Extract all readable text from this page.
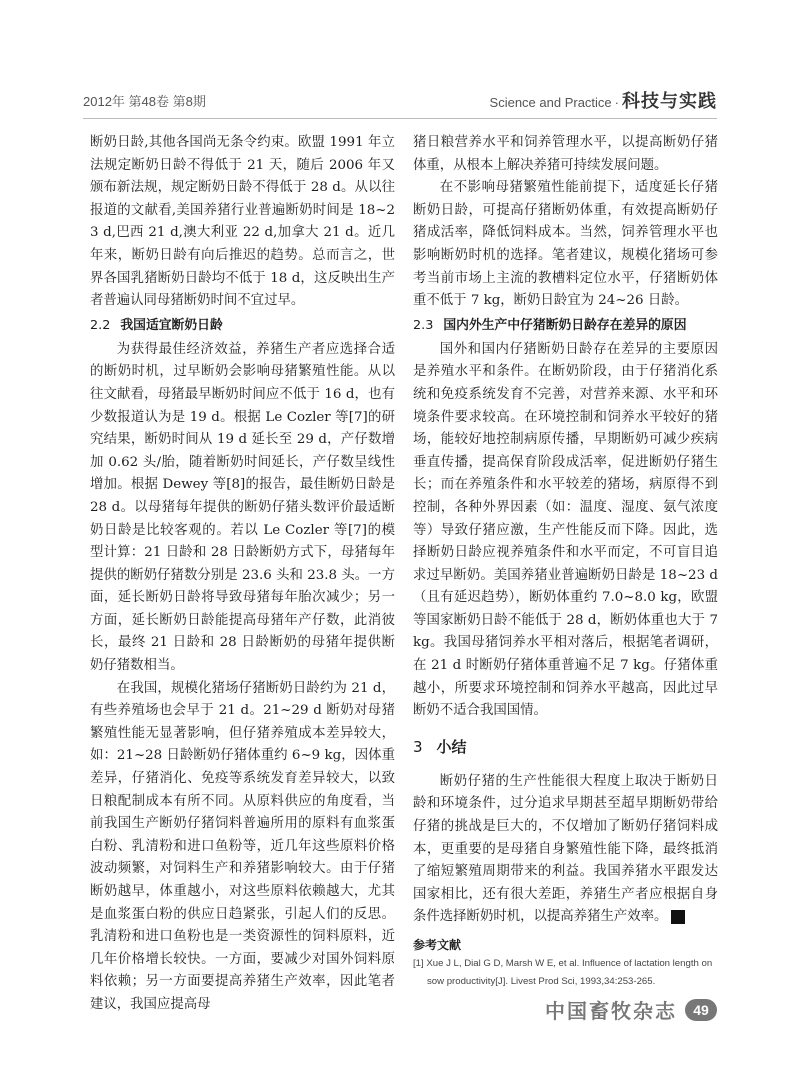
2012年 第48卷 第8期	Science and Practice · 科技与实践

断奶日龄,其他各国尚无条令约束。欧盟 1991 年立法规定断奶日龄不得低于 21 天，随后 2006 年又颁布新法规，规定断奶日龄不得低于 28 d。从以往报道的文献看,美国养猪行业普遍断奶时间是 18~23 d,巴西 21 d,澳大利亚 22 d,加拿大 21 d。近几年来，断奶日龄有向后推迟的趋势。总而言之，世界各国乳猪断奶日龄均不低于 18 d，这反映出生产者普遍认同母猪断奶时间不宜过早。

2.2 我国适宜断奶日龄

为获得最佳经济效益，养猪生产者应选择合适的断奶时机，过早断奶会影响母猪繁殖性能。从以往文献看，母猪最早断奶时间应不低于 16 d，也有少数报道认为是 19 d。根据 Le Cozler 等[7]的研究结果，断奶时间从 19 d 延长至 29 d，产仔数增加 0.62 头/胎，随着断奶时间延长，产仔数呈线性增加。根据 Dewey 等[8]的报告，最佳断奶日龄是 28 d。以母猪每年提供的断奶仔猪头数评价最适断奶日龄是比较客观的。若以 Le Cozler 等[7]的模型计算：21 日龄和 28 日龄断奶方式下，母猪每年提供的断奶仔猪数分别是 23.6 头和 23.8 头。一方面，延长断奶日龄将导致母猪每年胎次减少；另一方面，延长断奶日龄能提高母猪年产仔数，此消彼长，最终 21 日龄和 28 日龄断奶的母猪年提供断奶仔猪数相当。

在我国，规模化猪场仔猪断奶日龄约为 21 d，有些养殖场也会早于 21 d。21~29 d 断奶对母猪繁殖性能无显著影响，但仔猪养殖成本差异较大，如：21~28 日龄断奶仔猪体重约 6~9 kg，因体重差异，仔猪消化、免疫等系统发育差异较大，以致日粮配制成本有所不同。从原料供应的角度看，当前我国生产断奶仔猪饲料普遍所用的原料有血浆蛋白粉、乳清粉和进口鱼粉等，近几年这些原料价格波动频繁，对饲料生产和养猪影响较大。由于仔猪断奶越早，体重越小，对这些原料依赖越大，尤其是血浆蛋白粉的供应日趋紧张，引起人们的反思。乳清粉和进口鱼粉也是一类资源性的饲料原料，近几年价格增长较快。一方面，要减少对国外饲料原料依赖；另一方面要提高养猪生产效率，因此笔者建议，我国应提高母

猪日粮营养水平和饲养管理水平，以提高断奶仔猪体重，从根本上解决养猪可持续发展问题。

在不影响母猪繁殖性能前提下，适度延长仔猪断奶日龄，可提高仔猪断奶体重，有效提高断奶仔猪成活率，降低饲料成本。当然，饲养管理水平也影响断奶时机的选择。笔者建议，规模化猪场可参考当前市场上主流的教槽料定位水平，仔猪断奶体重不低于 7 kg，断奶日龄宜为 24~26 日龄。

2.3 国内外生产中仔猪断奶日龄存在差异的原因

国外和国内仔猪断奶日龄存在差异的主要原因是养殖水平和条件。在断奶阶段，由于仔猪消化系统和免疫系统发育不完善，对营养来源、水平和环境条件要求较高。在环境控制和饲养水平较好的猪场，能较好地控制病原传播，早期断奶可减少疾病垂直传播，提高保育阶段成活率，促进断奶仔猪生长；而在养殖条件和水平较差的猪场，病原得不到控制，各种外界因素（如：温度、湿度、氨气浓度等）导致仔猪应激，生产性能反而下降。因此，选择断奶日龄应视养殖条件和水平而定，不可盲目追求过早断奶。美国养猪业普遍断奶日龄是 18~23 d（且有延迟趋势），断奶体重约 7.0~8.0 kg，欧盟等国家断奶日龄不能低于 28 d，断奶体重也大于 7 kg。我国母猪饲养水平相对落后，根据笔者调研，在 21 d 时断奶仔猪体重普遍不足 7 kg。仔猪体重越小，所要求环境控制和饲养水平越高，因此过早断奶不适合我国国情。

3 小结

断奶仔猪的生产性能很大程度上取决于断奶日龄和环境条件，过分追求早期甚至超早期断奶带给仔猪的挑战是巨大的，不仅增加了断奶仔猪饲料成本，更重要的是母猪自身繁殖性能下降，最终抵消了缩短繁殖周期带来的利益。我国养猪水平跟发达国家相比，还有很大差距，养猪生产者应根据自身条件选择断奶时机，以提高养猪生产效率。	A

参考文献

[1] Xue J L, Dial G D, Marsh W E, et al. Influence of lactation length on sow productivity[J]. Livest Prod Sci, 1993,34:253-265.

中国畜牧杂志	49
